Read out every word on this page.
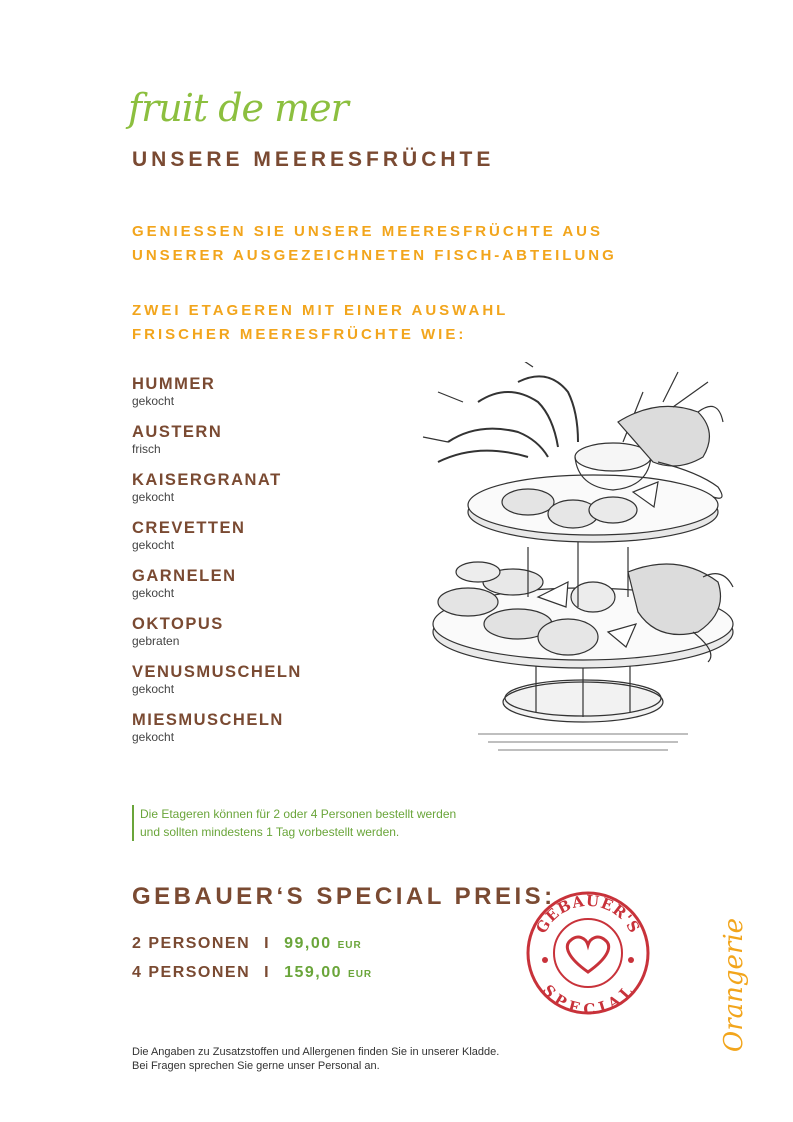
fruit de mer
UNSERE MEERESFRÜCHTE
GENIESSEN SIE UNSERE MEERESFRÜCHTE AUS
UNSERER AUSGEZEICHNETEN FISCH-ABTEILUNG
ZWEI ETAGEREN MIT EINER AUSWAHL
FRISCHER MEERESFRÜCHTE WIE:
HUMMER
gekocht
AUSTERN
frisch
KAISERGRANAT
gekocht
CREVETTEN
gekocht
GARNELEN
gekocht
OKTOPUS
gebraten
VENUSMUSCHELN
gekocht
MIESMUSCHELN
gekocht
Die Etageren können für 2 oder 4 Personen bestellt werden
und sollten mindestens 1 Tag vorbestellt werden.
GEBAUER‘S SPECIAL PREIS:
2 PERSONEN I 99,00 EUR
4 PERSONEN I 159,00 EUR
GEBAUER'S
SPECIAL	Orangerie
Die Angaben zu Zusatzstoffen und Allergenen finden Sie in unserer Kladde.
Bei Fragen sprechen Sie gerne unser Personal an.
